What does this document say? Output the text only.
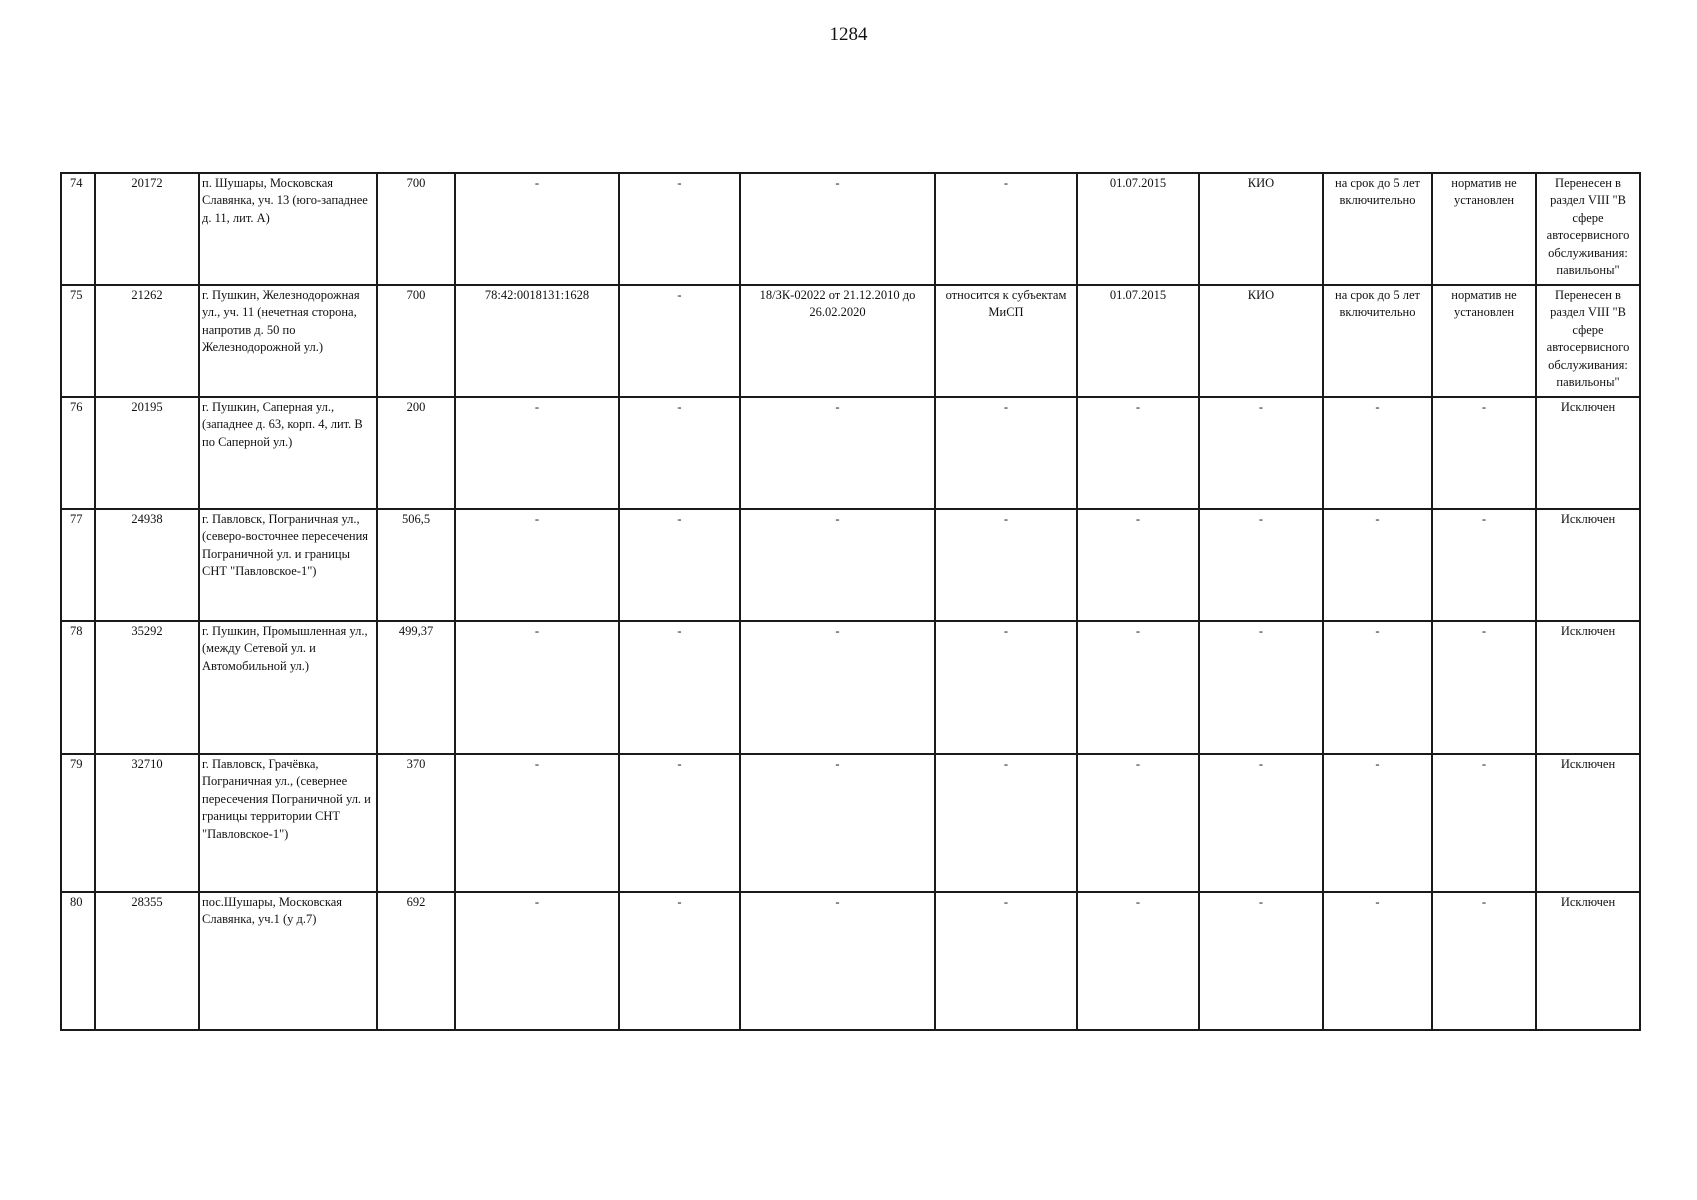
1284
74	20172	п. Шушары, Московская Славянка, уч. 13 (юго-западнее д. 11, лит. А)	700	-	-	-	-	01.07.2015	КИО	на срок до 5 лет включительно	норматив не установлен	Перенесен в раздел VIII "В сфере автосервисного обслуживания: павильоны"
75	21262	г. Пушкин, Железнодорожная ул., уч. 11 (нечетная сторона, напротив д. 50 по Железнодорожной ул.)	700	78:42:0018131:1628	-	18/ЗК-02022 от 21.12.2010 до 26.02.2020	относится к субъектам МиСП	01.07.2015	КИО	на срок до 5 лет включительно	норматив не установлен	Перенесен в раздел VIII "В сфере автосервисного обслуживания: павильоны"
76	20195	г. Пушкин, Саперная ул., (западнее д. 63, корп. 4, лит. В по Саперной ул.)	200	-	-	-	-	-	-	-	-	Исключен
77	24938	г. Павловск, Пограничная ул., (северо-восточнее пересечения Пограничной ул. и границы СНТ "Павловское-1")	506,5	-	-	-	-	-	-	-	-	Исключен
78	35292	г. Пушкин, Промышленная ул., (между Сетевой ул. и Автомобильной ул.)	499,37	-	-	-	-	-	-	-	-	Исключен
79	32710	г. Павловск, Грачёвка, Пограничная ул., (севернее пересечения Пограничной ул. и границы территории СНТ "Павловское-1")	370	-	-	-	-	-	-	-	-	Исключен
80	28355	пос.Шушары, Московская Славянка, уч.1 (у д.7)	692	-	-	-	-	-	-	-	-	Исключен
